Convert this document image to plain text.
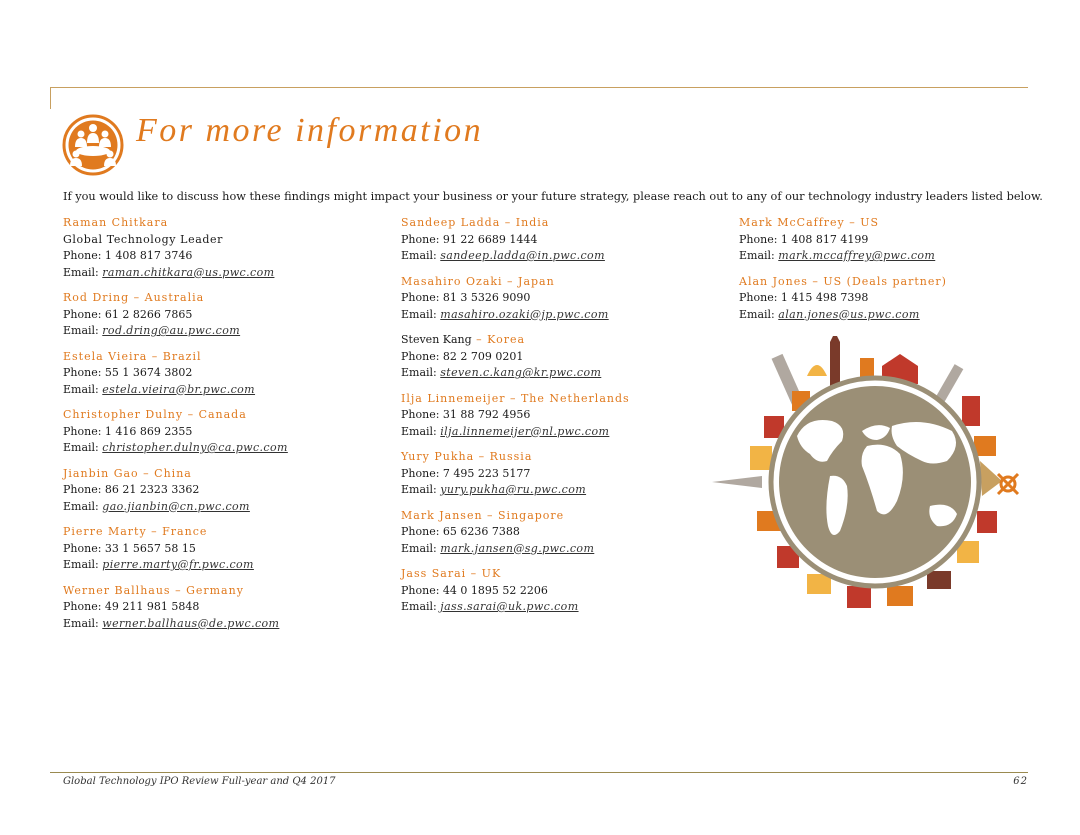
For more information
If you would like to discuss how these findings might impact your business or your future strategy, please reach out to any of our technology industry leaders listed below.
Raman Chitkara
Global Technology Leader
Phone: 1 408 817 3746
Email: raman.chitkara@us.pwc.com
Rod Dring – Australia
Phone: 61 2 8266 7865
Email: rod.dring@au.pwc.com
Estela Vieira – Brazil
Phone: 55 1 3674 3802
Email: estela.vieira@br.pwc.com
Christopher Dulny – Canada
Phone: 1 416 869 2355
Email: christopher.dulny@ca.pwc.com
Jianbin Gao – China
Phone: 86 21 2323 3362
Email: gao.jianbin@cn.pwc.com
Pierre Marty – France
Phone: 33 1 5657 58 15
Email: pierre.marty@fr.pwc.com
Werner Ballhaus – Germany
Phone: 49 211 981 5848
Email: werner.ballhaus@de.pwc.com
Sandeep Ladda – India
Phone: 91 22 6689 1444
Email: sandeep.ladda@in.pwc.com
Masahiro Ozaki – Japan
Phone: 81 3 5326 9090
Email: masahiro.ozaki@jp.pwc.com
Steven Kang – Korea
Phone: 82 2 709 0201
Email: steven.c.kang@kr.pwc.com
Ilja Linnemeijer – The Netherlands
Phone: 31 88 792 4956
Email: ilja.linnemeijer@nl.pwc.com
Yury Pukha – Russia
Phone: 7 495 223 5177
Email: yury.pukha@ru.pwc.com
Mark Jansen – Singapore
Phone: 65 6236 7388
Email: mark.jansen@sg.pwc.com
Jass Sarai – UK
Phone: 44 0 1895 52 2206
Email: jass.sarai@uk.pwc.com
Mark McCaffrey – US
Phone: 1 408 817 4199
Email: mark.mccaffrey@pwc.com
Alan Jones – US (Deals partner)
Phone: 1 415 498 7398
Email: alan.jones@us.pwc.com
Global Technology IPO Review Full-year and Q4 2017	62
